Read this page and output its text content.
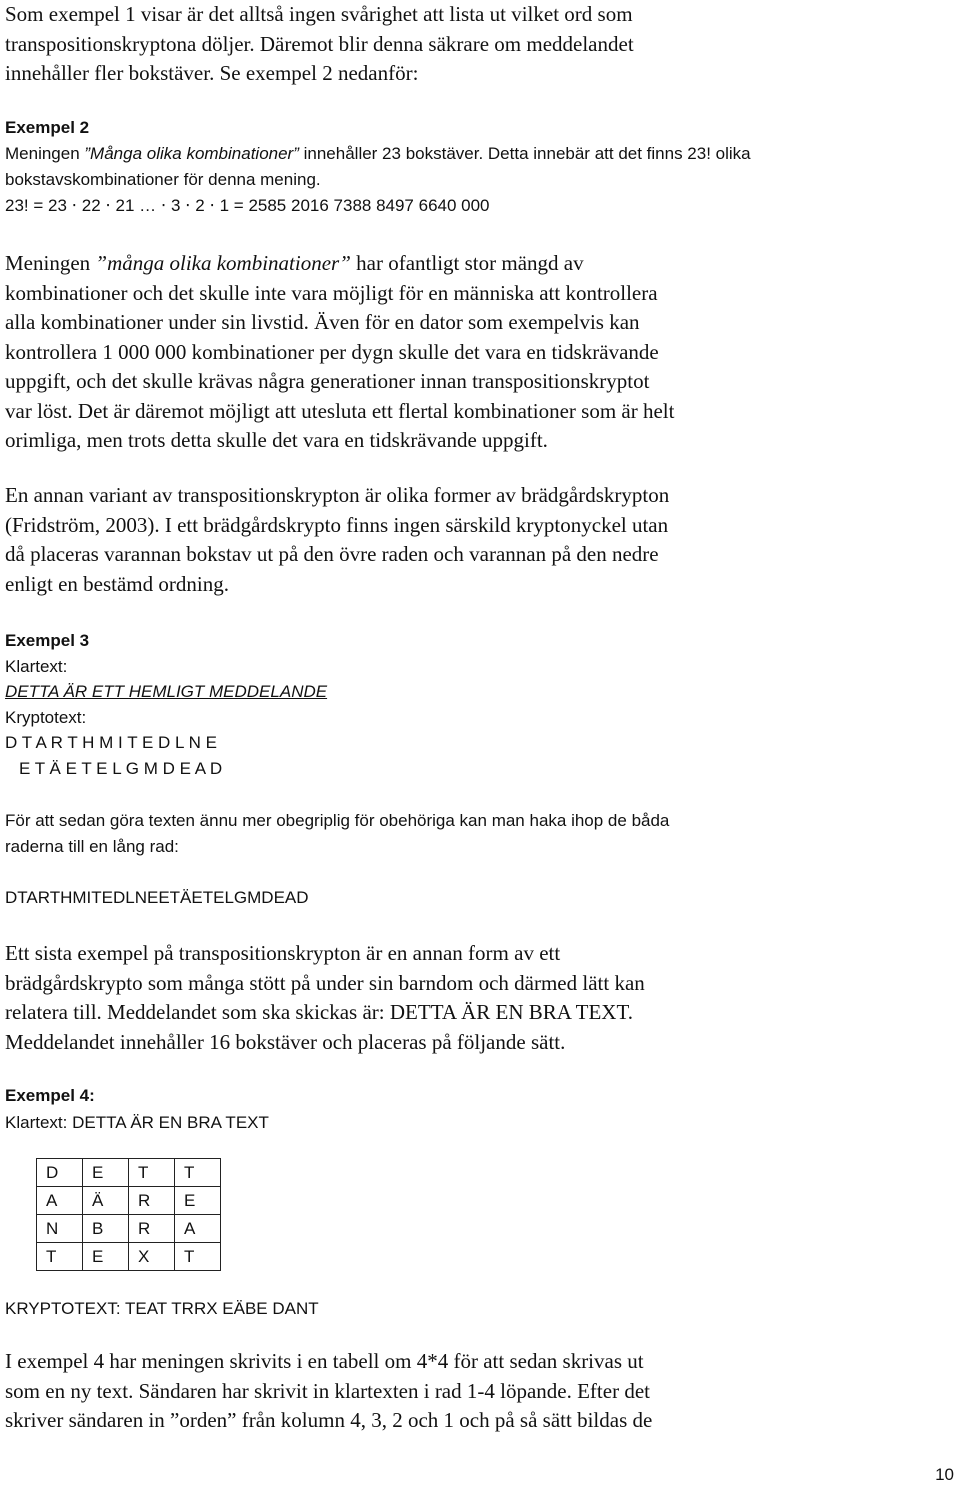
Som exempel 1 visar är det alltså ingen svårighet att lista ut vilket ord som

transpositionskryptona döljer. Däremot blir denna säkrare om meddelandet

innehåller fler bokstäver. Se exempel 2 nedanför:

Exempel 2

Meningen ”Många olika kombinationer” innehåller 23 bokstäver. Detta innebär att det finns 23! olika

bokstavskombinationer för denna mening.

23! = 23 ⋅ 22 ⋅ 21 … ⋅ 3 ⋅ 2 ⋅ 1 = 2585 2016 7388 8497 6640 000

Meningen ”många olika kombinationer” har ofantligt stor mängd av

kombinationer och det skulle inte vara möjligt för en människa att kontrollera

alla kombinationer under sin livstid. Även för en dator som exempelvis kan

kontrollera 1 000 000 kombinationer per dygn skulle det vara en tidskrävande

uppgift, och det skulle krävas några generationer innan transpositionskryptot

var löst. Det är däremot möjligt att utesluta ett flertal kombinationer som är helt

orimliga, men trots detta skulle det vara en tidskrävande uppgift.

En annan variant av transpositionskrypton är olika former av brädgårdskrypton

(Fridström, 2003). I ett brädgårdskrypto finns ingen särskild kryptonyckel utan

då placeras varannan bokstav ut på den övre raden och varannan på den nedre

enligt en bestämd ordning.

Exempel 3

Klartext:

DETTA ÄR ETT HEMLIGT MEDDELANDE

Kryptotext:

D T A R T H M I T E D L N E

E T Ä E T E L G M D E A D

För att sedan göra texten ännu mer obegriplig för obehöriga kan man haka ihop de båda

raderna till en lång rad:

DTARTHMITEDLNEETÄETELGMDEAD

Ett sista exempel på transpositionskrypton är en annan form av ett

brädgårdskrypto som många stött på under sin barndom och därmed lätt kan

relatera till. Meddelandet som ska skickas är: DETTA ÄR EN BRA TEXT.

Meddelandet innehåller 16 bokstäver och placeras på följande sätt.

Exempel 4:

Klartext: DETTA ÄR EN BRA TEXT

D	E	T	T
A	Ä	R	E
N	B	R	A
T	E	X	T

KRYPTOTEXT: TEAT TRRX EÄBE DANT

I exempel 4 har meningen skrivits i en tabell om 4*4 för att sedan skrivas ut

som en ny text. Sändaren har skrivit in klartexten i rad 1-4 löpande. Efter det

skriver sändaren in ”orden” från kolumn 4, 3, 2 och 1 och på så sätt bildas de

10
